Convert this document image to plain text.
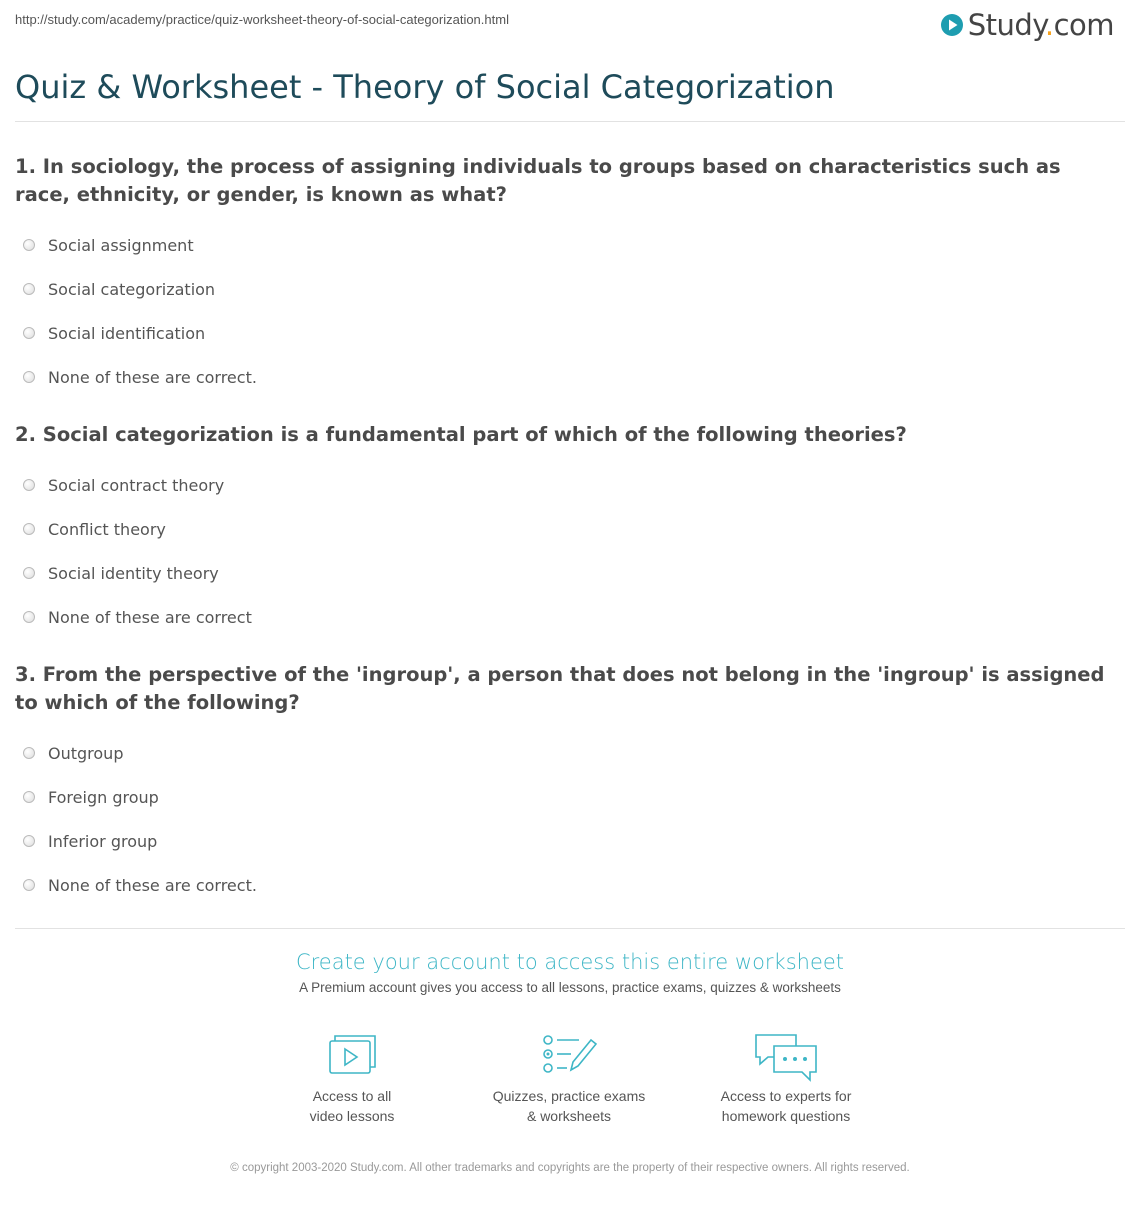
http://study.com/academy/practice/quiz-worksheet-theory-of-social-categorization.html	Study.com
Quiz & Worksheet - Theory of Social Categorization
1. In sociology, the process of assigning individuals to groups based on characteristics such as race, ethnicity, or gender, is known as what?
Social assignment
Social categorization
Social identification
None of these are correct.
2. Social categorization is a fundamental part of which of the following theories?
Social contract theory
Conflict theory
Social identity theory
None of these are correct
3. From the perspective of the 'ingroup', a person that does not belong in the 'ingroup' is assigned to which of the following?
Outgroup
Foreign group
Inferior group
None of these are correct.
Create your account to access this entire worksheet
A Premium account gives you access to all lessons, practice exams, quizzes & worksheets
Access to all
video lessons
Quizzes, practice exams
& worksheets
Access to experts for
homework questions
© copyright 2003-2020 Study.com. All other trademarks and copyrights are the property of their respective owners. All rights reserved.
